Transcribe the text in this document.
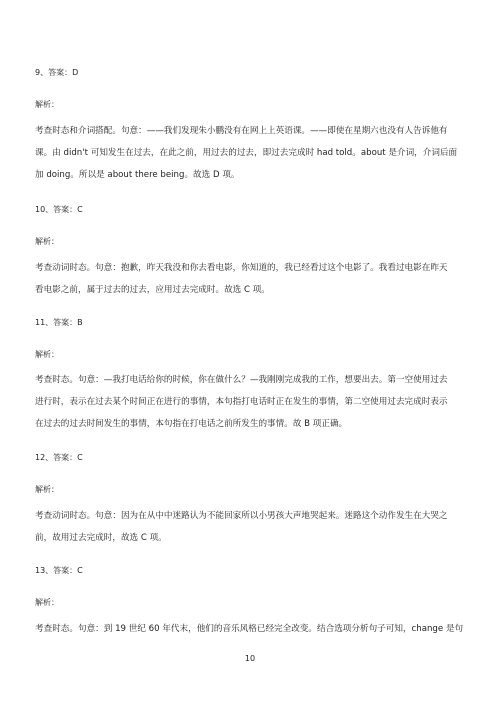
9、答案：D
解析：
考查时态和介词搭配。句意：——我们发现朱小鹏没有在网上上英语课。——即使在星期六也没有人告诉他有
课。由 didn't 可知发生在过去，在此之前，用过去的过去，即过去完成时 had told。about 是介词，介词后面
加 doing。所以是 about there being。故选 D 项。
10、答案：C
解析：
考查动词时态。句意：抱歉，昨天我没和你去看电影，你知道的，我已经看过这个电影了。我看过电影在昨天
看电影之前，属于过去的过去，应用过去完成时。故选 C 项。
11、答案：B
解析：
考查时态。句意：—我打电话给你的时候，你在做什么？—我刚刚完成我的工作，想要出去。第一空使用过去
进行时，表示在过去某个时间正在进行的事情，本句指打电话时正在发生的事情，第二空使用过去完成时表示
在过去的过去时间发生的事情，本句指在打电话之前所发生的事情。故 B 项正确。
12、答案：C
解析：
考查动词时态。句意：因为在从中中迷路认为不能回家所以小男孩大声地哭起来。迷路这个动作发生在大哭之
前，故用过去完成时，故选 C 项。
13、答案：C
解析：
考查时态。句意：到 19 世纪 60 年代末，他们的音乐风格已经完全改变。结合选项分析句子可知，change 是句
10
